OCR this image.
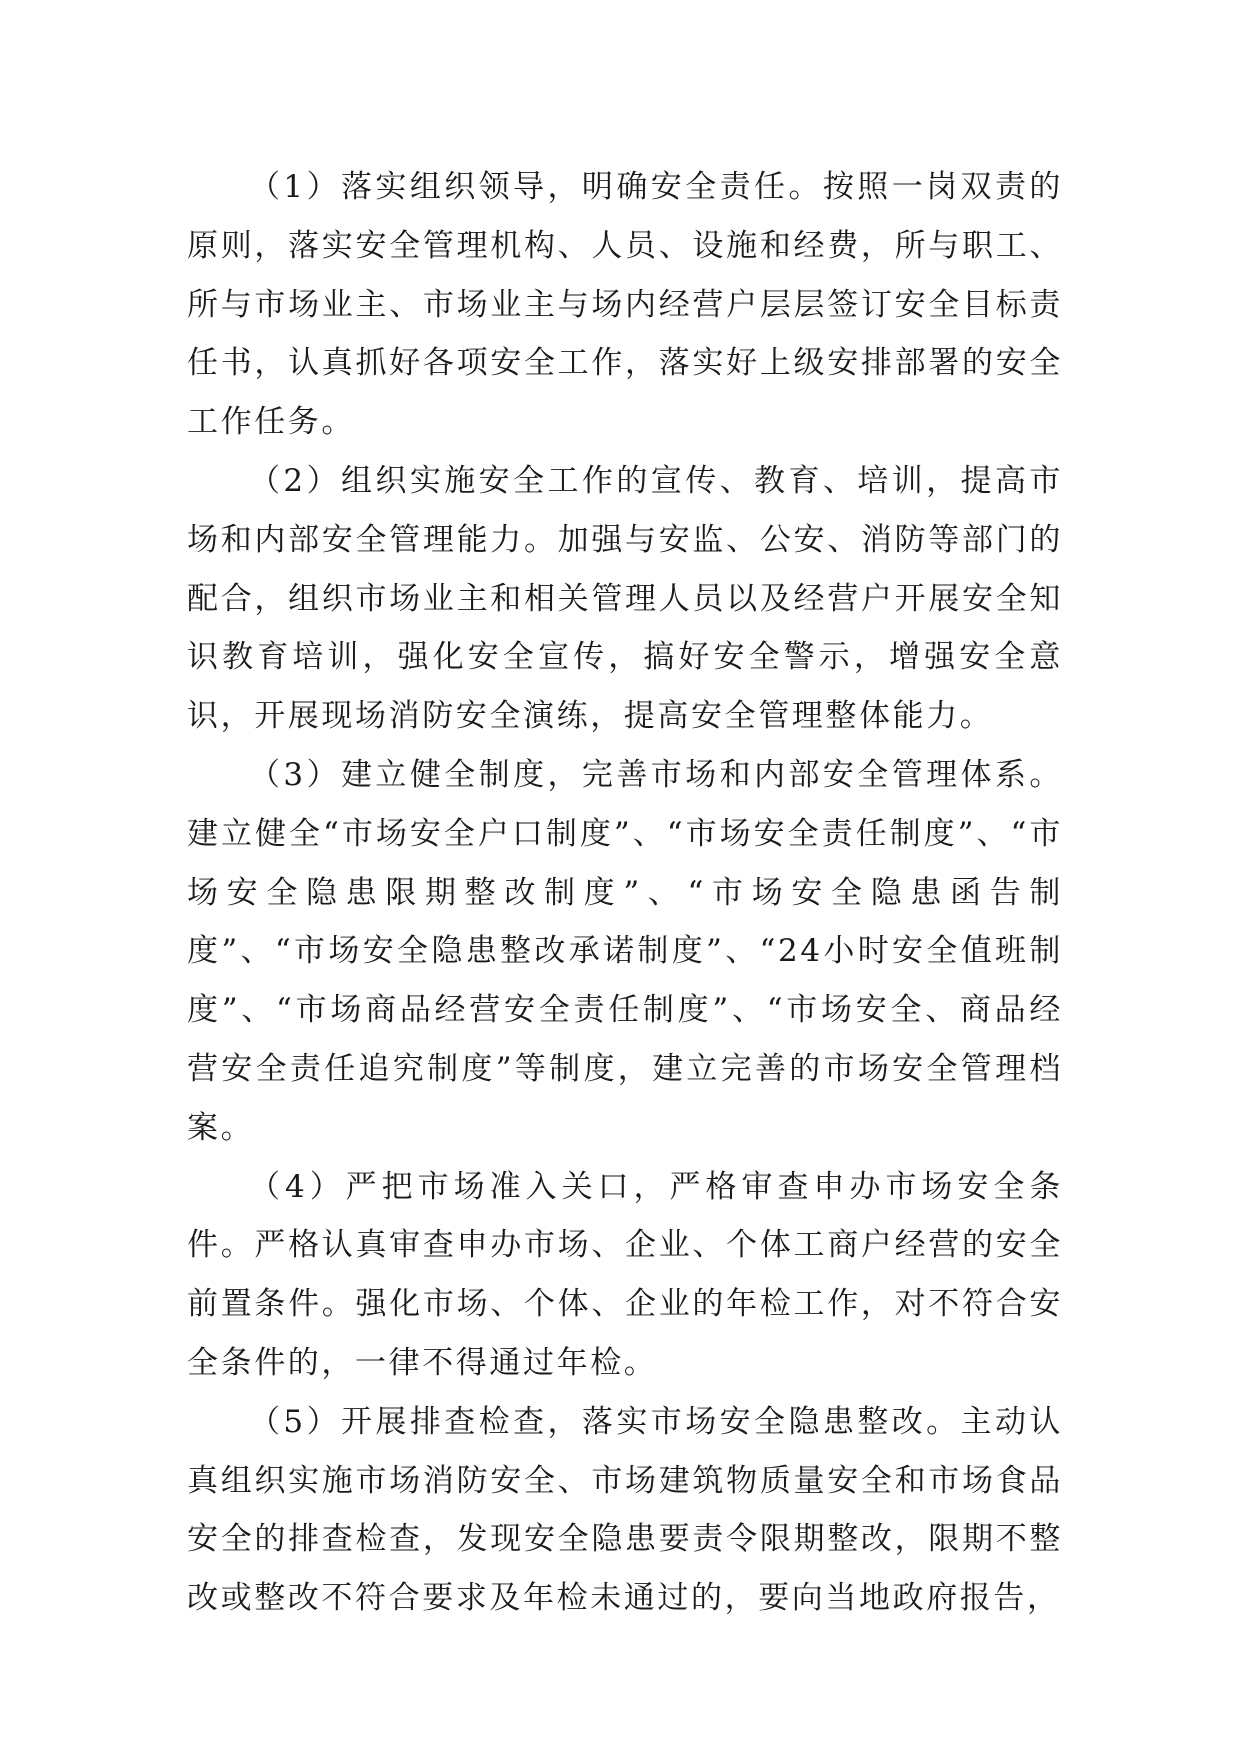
（1）落实组织领导，明确安全责任。按照一岗双责的原则，落实安全管理机构、人员、设施和经费，所与职工、所与市场业主、市场业主与场内经营户层层签订安全目标责任书，认真抓好各项安全工作，落实好上级安排部署的安全工作任务。

（2）组织实施安全工作的宣传、教育、培训，提高市场和内部安全管理能力。加强与安监、公安、消防等部门的配合，组织市场业主和相关管理人员以及经营户开展安全知识教育培训，强化安全宣传，搞好安全警示，增强安全意识，开展现场消防安全演练，提高安全管理整体能力。

（3）建立健全制度，完善市场和内部安全管理体系。建立健全“市场安全户口制度”、“市场安全责任制度”、“市场安全隐患限期整改制度”、“市场安全隐患函告制度”、“市场安全隐患整改承诺制度”、“24小时安全值班制度”、“市场商品经营安全责任制度”、“市场安全、商品经营安全责任追究制度”等制度，建立完善的市场安全管理档案。

（4）严把市场准入关口，严格审查申办市场安全条件。严格认真审查申办市场、企业、个体工商户经营的安全前置条件。强化市场、个体、企业的年检工作，对不符合安全条件的，一律不得通过年检。

（5）开展排查检查，落实市场安全隐患整改。主动认真组织实施市场消防安全、市场建筑物质量安全和市场食品安全的排查检查，发现安全隐患要责令限期整改，限期不整改或整改不符合要求及年检未通过的，要向当地政府报告，
